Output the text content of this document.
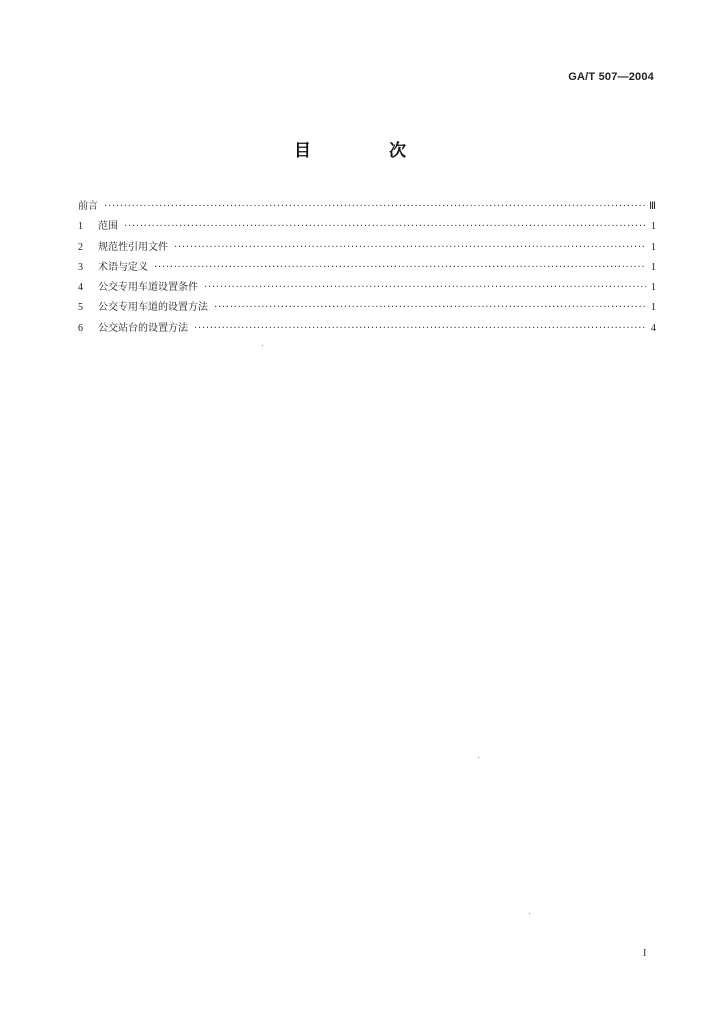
GA/T 507—2004
目 次
前言 ·····	Ⅲ
1	范围 ·····	1
2	规范性引用文件 ·····	1
3	术语与定义 ·····	1
4	公交专用车道设置条件 ·····	1
5	公交专用车道的设置方法 ·····	1
6	公交站台的设置方法 ·····	4
I
